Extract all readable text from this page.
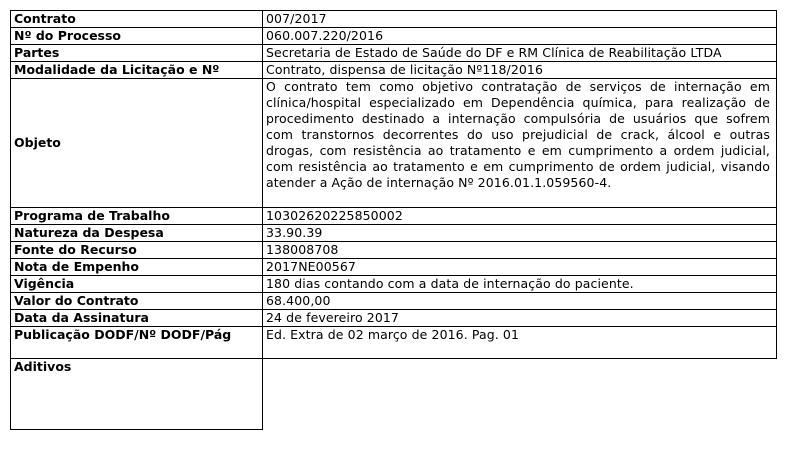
Contrato	007/2017
Nº do Processo	060.007.220/2016
Partes	Secretaria de Estado de Saúde do DF e RM Clínica de Reabilitação LTDA
Modalidade da Licitação e Nº	Contrato, dispensa de licitação Nº118/2016
Objeto	O contrato tem como objetivo contratação de serviços de internação em clínica/hospital especializado em Dependência química, para realização de procedimento destinado a internação compulsória de usuários que sofrem com transtornos decorrentes do uso prejudicial de crack, álcool e outras drogas, com resistência ao tratamento e em cumprimento a ordem judicial, com resistência ao tratamento e em cumprimento de ordem judicial, visando atender a Ação de internação Nº 2016.01.1.059560-4.
Programa de Trabalho	10302620225850002
Natureza da Despesa	33.90.39
Fonte do Recurso	138008708
Nota de Empenho	2017NE00567
Vigência	180 dias contando com a data de internação do paciente.
Valor do Contrato	68.400,00
Data da Assinatura	24 de fevereiro 2017
Publicação DODF/Nº DODF/Pág	Ed. Extra de 02 março de 2016. Pag. 01
Aditivos	
